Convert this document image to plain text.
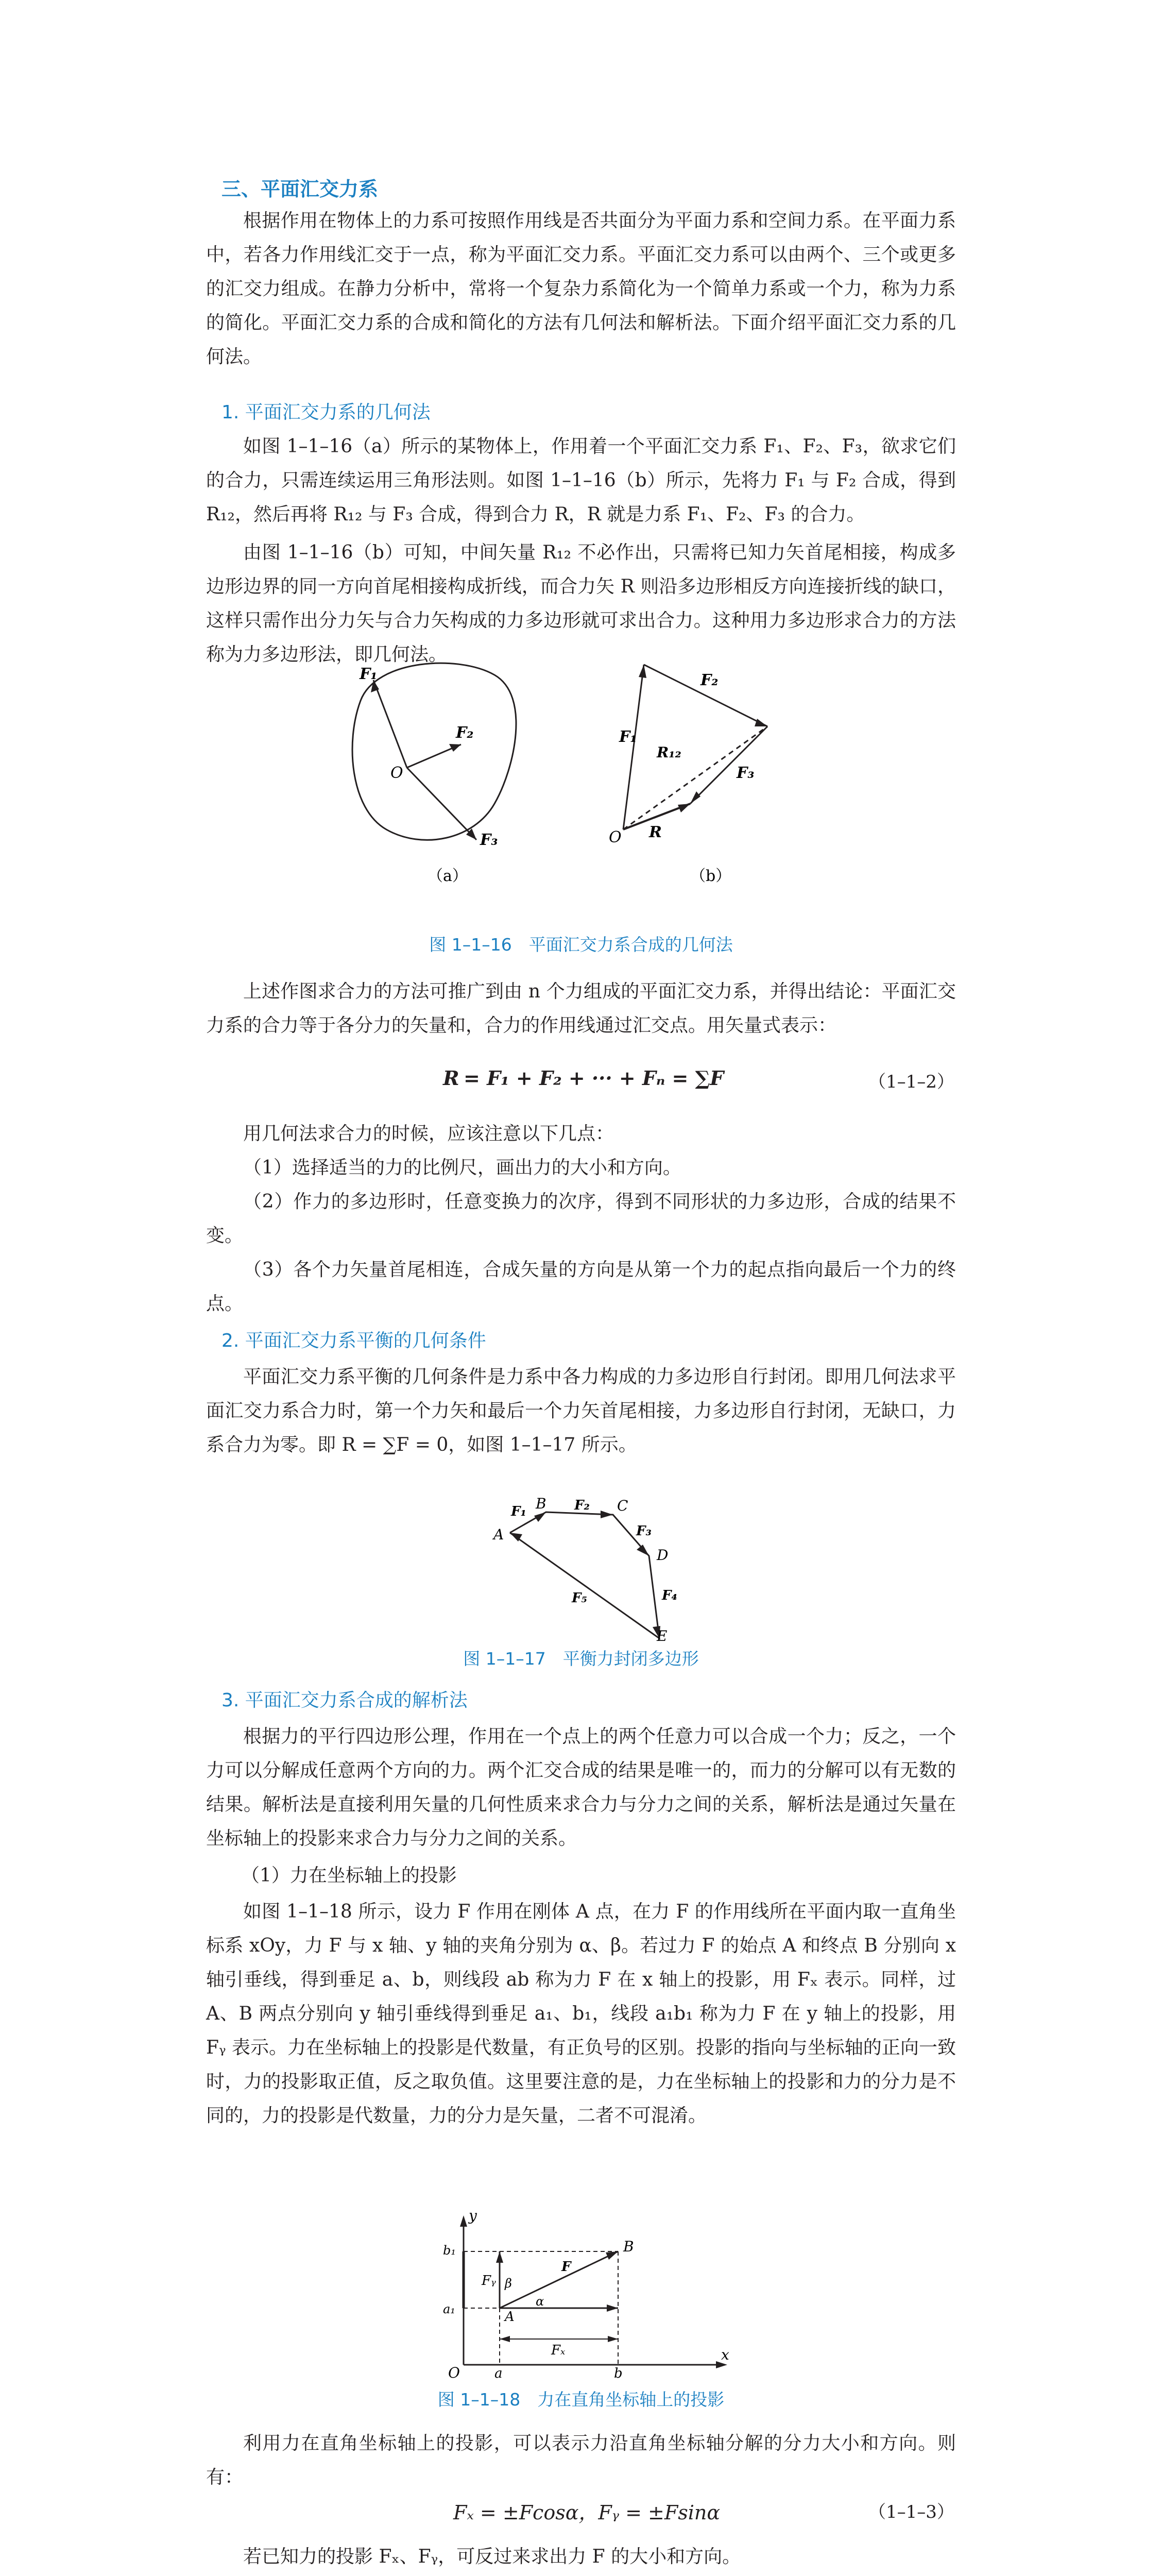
三、平面汇交力系

根据作用在物体上的力系可按照作用线是否共面分为平面力系和空间力系。在平面力系中，若各力作用线汇交于一点，称为平面汇交力系。平面汇交力系可以由两个、三个或更多的汇交力组成。在静力分析中，常将一个复杂力系简化为一个简单力系或一个力，称为力系的简化。平面汇交力系的合成和简化的方法有几何法和解析法。下面介绍平面汇交力系的几何法。

1. 平面汇交力系的几何法

如图 1–1–16（a）所示的某物体上，作用着一个平面汇交力系 F₁、F₂、F₃，欲求它们的合力，只需连续运用三角形法则。如图 1–1–16（b）所示，先将力 F₁ 与 F₂ 合成，得到 R₁₂，然后再将 R₁₂ 与 F₃ 合成，得到合力 R，R 就是力系 F₁、F₂、F₃ 的合力。

由图 1–1–16（b）可知，中间矢量 R₁₂ 不必作出，只需将已知力矢首尾相接，构成多边形边界的同一方向首尾相接构成折线，而合力矢 R 则沿多边形相反方向连接折线的缺口，这样只需作出分力矢与合力矢构成的力多边形就可求出合力。这种用力多边形求合力的方法称为力多边形法，即几何法。

F₁
F₂
F₃
O
（a）
F₁
F₂
F₃
R₁₂
R
O
（b）
图 1–1–16　平面汇交力系合成的几何法

上述作图求合力的方法可推广到由 n 个力组成的平面汇交力系，并得出结论：平面汇交力系的合力等于各分力的矢量和，合力的作用线通过汇交点。用矢量式表示：

R = F₁ + F₂ + ··· + Fₙ = ∑F	（1–1–2）

用几何法求合力的时候，应该注意以下几点：

（1）选择适当的力的比例尺，画出力的大小和方向。

（2）作力的多边形时，任意变换力的次序，得到不同形状的力多边形，合成的结果不变。

（3）各个力矢量首尾相连，合成矢量的方向是从第一个力的起点指向最后一个力的终点。

2. 平面汇交力系平衡的几何条件

平面汇交力系平衡的几何条件是力系中各力构成的力多边形自行封闭。即用几何法求平面汇交力系合力时，第一个力矢和最后一个力矢首尾相接，力多边形自行封闭，无缺口，力系合力为零。即 R = ∑F = 0，如图 1–1–17 所示。

A
B	C
D
E
F₁	F₂
F₃
F₄
F₅
图 1–1–17　平衡力封闭多边形
3. 平面汇交力系合成的解析法

根据力的平行四边形公理，作用在一个点上的两个任意力可以合成一个力；反之，一个力可以分解成任意两个方向的力。两个汇交合成的结果是唯一的，而力的分解可以有无数的结果。解析法是直接利用矢量的几何性质来求合力与分力之间的关系，解析法是通过矢量在坐标轴上的投影来求合力与分力之间的关系。

（1）力在坐标轴上的投影

如图 1–1–18 所示，设力 F 作用在刚体 A 点，在力 F 的作用线所在平面内取一直角坐标系 xOy，力 F 与 x 轴、y 轴的夹角分别为 α、β。若过力 F 的始点 A 和终点 B 分别向 x 轴引垂线，得到垂足 a、b，则线段 ab 称为力 F 在 x 轴上的投影，用 Fₓ 表示。同样，过 A、B 两点分别向 y 轴引垂线得到垂足 a₁、b₁，线段 a₁b₁ 称为力 F 在 y 轴上的投影，用 Fᵧ 表示。力在坐标轴上的投影是代数量，有正负号的区别。投影的指向与坐标轴的正向一致时，力的投影取正值，反之取负值。这里要注意的是，力在坐标轴上的投影和力的分力是不同的，力的投影是代数量，力的分力是矢量，二者不可混淆。

y
x
O
A
B
a	b
a₁
b₁
F
Fₓ
Fᵧ
α
β
图 1–1–18　力在直角坐标轴上的投影

利用力在直角坐标轴上的投影，可以表示力沿直角坐标轴分解的分力大小和方向。则有：

Fₓ = ±Fcosα，Fᵧ = ±Fsinα	（1–1–3）

若已知力的投影 Fₓ、Fᵧ，可反过来求出力 F 的大小和方向。
